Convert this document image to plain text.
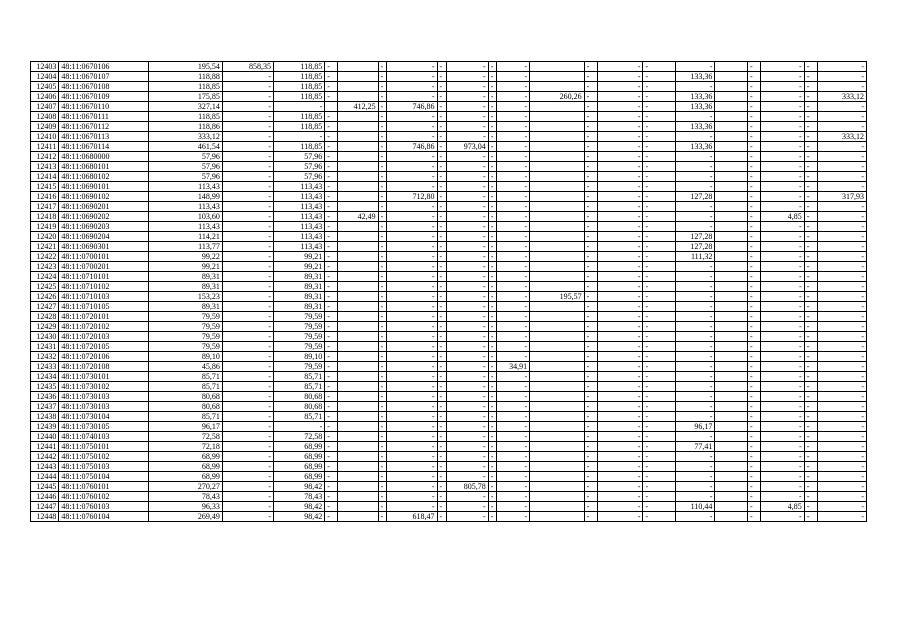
12403	48:11:0670106	195,54	858,35	118,85	-		-	-	-	-	-	-		-	-	-	-		-	-	-	-
12404	48:11:0670107	118,88	-	118,85	-		-	-	-	-	-	-		-	-	-	133,36		-	-	-	-
12405	48:11:0670108	118,85	-	118,85	-		-	-	-	-	-	-		-	-	-	-		-	-	-	-
12406	48:11:0670109	175,85	-	118,85	-		-	-	-	-	-	-	260,26	-	-	-	133,36		-	-	-	333,12
12407	48:11:0670110	327,14	-	-		412,25	-	746,86	-	-	-	-		-	-	-	133,36		-	-	-	-
12408	48:11:0670111	118,85	-	118,85	-		-	-	-	-	-	-		-	-	-	-		-	-	-	-
12409	48:11:0670112	118,86	-	118,85	-		-	-	-	-	-	-		-	-	-	133,36		-	-	-	-
12410	48:11:0670113	333,12	-	-	-		-	-	-	-	-	-		-	-	-	-		-	-	-	333,12
12411	48:11:0670114	461,54	-	118,85	-		-	746,86	-	973,04	-	-		-	-	-	133,36		-	-	-	-
12412	48:11:0680000	57,96	-	57,96	-		-	-	-	-	-	-		-	-	-	-		-	-	-	-
12413	48:11:0680101	57,96	-	57,96	-		-	-	-	-	-	-		-	-	-	-		-	-	-	-
12414	48:11:0680102	57,96	-	57,96	-		-	-	-	-	-	-		-	-	-	-		-	-	-	-
12415	48:11:0690101	113,43	-	113,43	-		-	-	-	-	-	-		-	-	-	-		-	-	-	-
12416	48:11:0690102	148,99	-	113,43	-		-	712,80	-	-	-	-		-	-	-	127,28		-	-	-	317,93
12417	48:11:0690201	113,43	-	113,43	-		-	-	-	-	-	-		-	-	-	-		-	-	-	-
12418	48:11:0690202	103,60	-	113,43	-	42,49	-	-	-	-	-	-		-	-	-	-		-	4,85	-	-
12419	48:11:0690203	113,43	-	113,43	-		-	-	-	-	-	-		-	-	-	-		-	-	-	-
12420	48:11:0690204	114,21	-	113,43	-		-	-	-	-	-	-		-	-	-	127,28		-	-	-	-
12421	48:11:0690301	113,77	-	113,43	-		-	-	-	-	-	-		-	-	-	127,28		-	-	-	-
12422	48:11:0700101	99,22	-	99,21	-		-	-	-	-	-	-		-	-	-	111,32		-	-	-	-
12423	48:11:0700201	99,21	-	99,21	-		-	-	-	-	-	-		-	-	-	-		-	-	-	-
12424	48:11:0710101	89,31	-	89,31	-		-	-	-	-	-	-		-	-	-	-		-	-	-	-
12425	48:11:0710102	89,31	-	89,31	-		-	-	-	-	-	-		-	-	-	-		-	-	-	-
12426	48:11:0710103	153,23	-	89,31	-		-	-	-	-	-	-	195,57	-	-	-	-		-	-	-	-
12427	48:11:0710105	89,31	-	89,31	-		-	-	-	-	-	-		-	-	-	-		-	-	-	-
12428	48:11:0720101	79,59	-	79,59	-		-	-	-	-	-	-		-	-	-	-		-	-	-	-
12429	48:11:0720102	79,59	-	79,59	-		-	-	-	-	-	-		-	-	-	-		-	-	-	-
12430	48:11:0720103	79,59	-	79,59	-		-	-	-	-	-	-		-	-	-	-		-	-	-	-
12431	48:11:0720105	79,59	-	79,59	-		-	-	-	-	-	-		-	-	-	-		-	-	-	-
12432	48:11:0720106	89,10	-	89,10	-		-	-	-	-	-	-		-	-	-	-		-	-	-	-
12433	48:11:0720108	45,86	-	79,59	-		-	-	-	-	-	34,91		-	-	-	-		-	-	-	-
12434	48:11:0730101	85,71	-	85,71	-		-	-	-	-	-	-		-	-	-	-		-	-	-	-
12435	48:11:0730102	85,71	-	85,71	-		-	-	-	-	-	-		-	-	-	-		-	-	-	-
12436	48:11:0730103	80,68	-	80,68	-		-	-	-	-	-	-		-	-	-	-		-	-	-	-
12437	48:11:0730103	80,68	-	80,68	-		-	-	-	-	-	-		-	-	-	-		-	-	-	-
12438	48:11:0730104	85,71	-	85,71	-		-	-	-	-	-	-		-	-	-	-		-	-	-	-
12439	48:11:0730105	96,17	-	-	-		-	-	-	-	-	-		-	-	-	96,17		-	-	-	-
12440	48:11:0740103	72,58	-	72,58	-		-	-	-	-	-	-		-	-	-	-		-	-	-	-
12441	48:11:0750101	72,18	-	68,99	-		-	-	-	-	-	-		-	-	-	77,41		-	-	-	-
12442	48:11:0750102	68,99	-	68,99	-		-	-	-	-	-	-		-	-	-	-		-	-	-	-
12443	48:11:0750103	68,99	-	68,99	-		-	-	-	-	-	-		-	-	-	-		-	-	-	-
12444	48:11:0750104	68,99	-	68,99	-		-	-	-	-	-	-		-	-	-	-		-	-	-	-
12445	48:11:0760101	270,27	-	98,42	-		-	-	-	805,78	-	-		-	-	-	-		-	-	-	-
12446	48:11:0760102	78,43	-	78,43	-		-	-	-	-	-	-		-	-	-	-		-	-	-	-
12447	48:11:0760103	96,33	-	98,42	-		-	-	-	-	-	-		-	-	-	110,44		-	4,85	-	-
12448	48:11:0760104	269,49	-	98,42	-		-	618,47	-	-	-	-		-	-	-	-		-	-	-	-
